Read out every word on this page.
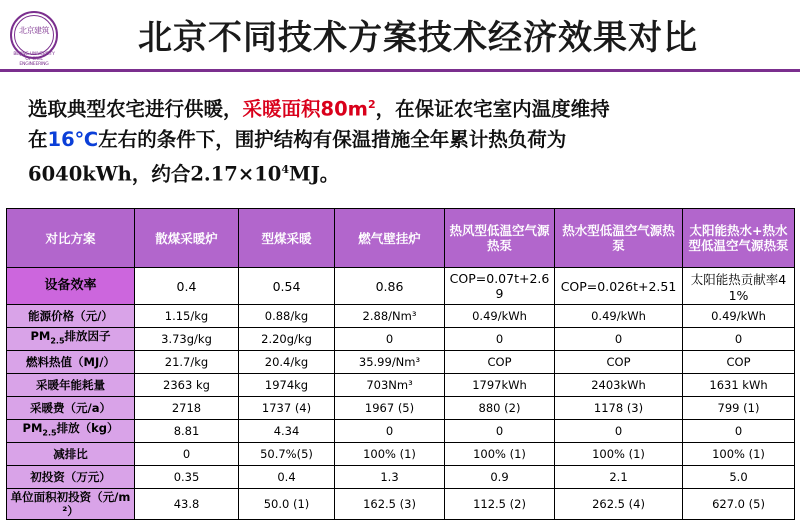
北京建筑
BEIJING UNIVERSITY OF CIVIL ENGINEERING
北京不同技术方案技术经济效果对比
选取典型农宅进行供暖，采暖面积$80m^2$，在保证农宅室内温度维持
在16℃左右的条件下，围护结构有保温措施全年累计热负荷为
6040kWh，约合$2.17\times 10^4MJ$。
对比方案	散煤采暖炉	型煤采暖	燃气壁挂炉	热风型低温空气源热泵	热水型低温空气源热泵	太阳能热水+热水型低温空气源热泵
设备效率	0.4	0.54	0.86	COP=0.07t+2.69	COP=0.026t+2.51	太阳能热贡献率41%
能源价格（元/）	1.15/kg	0.88/kg	2.88/Nm³	0.49/kWh	0.49/kWh	0.49/kWh
$PM_{2.5}$排放因子	3.73g/kg	2.20g/kg	0	0	0	0
燃料热值（MJ/）	21.7/kg	20.4/kg	35.99/Nm³	COP	COP	COP
采暖年能耗量	2363 kg	1974kg	703Nm³	1797kWh	2403kWh	1631 kWh
采暖费（元/a）	2718	1737 (4)	1967 (5)	880 (2)	1178 (3)	799 (1)
$PM_{2.5}$排放（kg）	8.81	4.34	0	0	0	0
减排比	0	50.7%(5)	100% (1)	100% (1)	100% (1)	100% (1)
初投资（万元）	0.35	0.4	1.3	0.9	2.1	5.0
单位面积初投资（元/m²）	43.8	50.0 (1)	162.5 (3)	112.5 (2)	262.5 (4)	627.0 (5)
